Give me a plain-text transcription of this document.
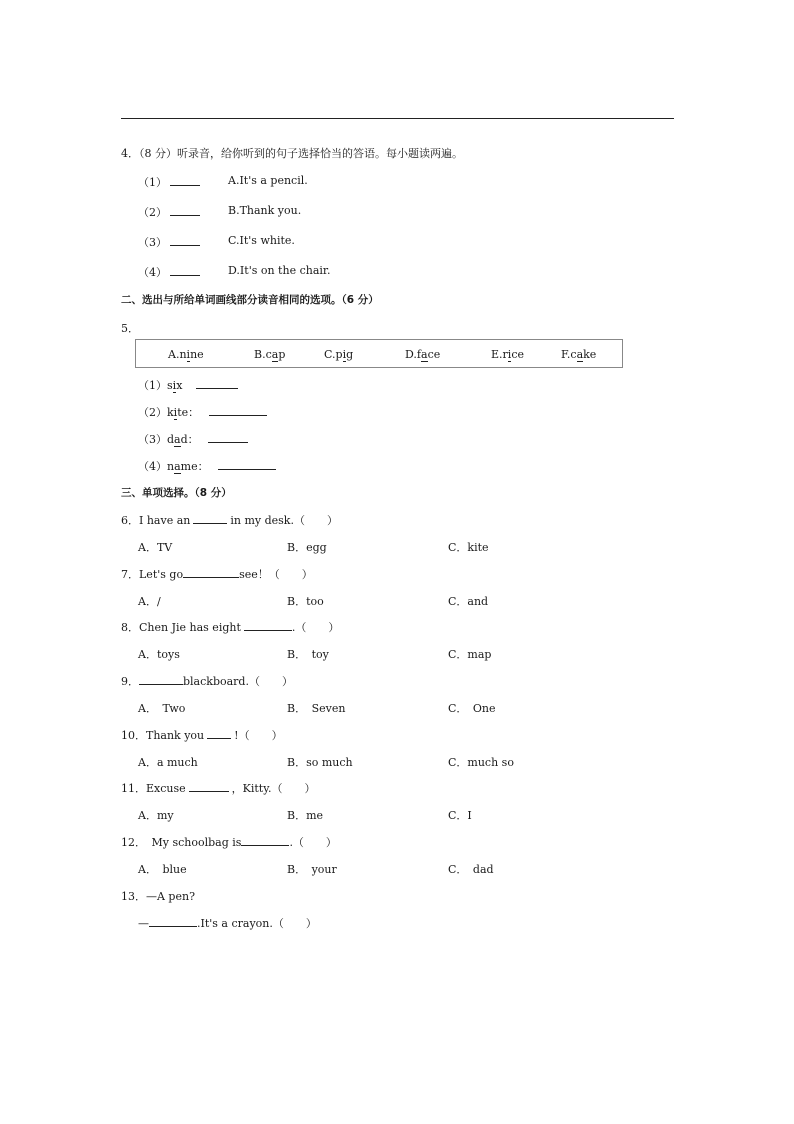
4．（8 分）听录音，给你听到的句子选择恰当的答语。每小题读两遍。
（1）	A.It's a pencil.
（2）	B.Thank you.
（3）	C.It's white.
（4）	D.It's on the chair.
二、选出与所给单词画线部分读音相同的选项。（6 分）
5．
A.nine	B.cap	C.pig	D.face	E.rice	F.cake
（1）six
（2）kite：
（3）dad：
（4）name：
三、单项选择。（8 分）
6．I have an	in my desk.（　　）
A．TV	B．egg	C．kite
7．Let's go	see！（　　）
A．/	B．too	C．and
8．Chen Jie has eight	.（　　）
A．toys	B．　toy	C．map
9．	blackboard.（　　）
A．　Two	B．　Seven	C．　One
10．Thank you	!（　　）
A．a much	B．so much	C．much so
11．Excuse	，Kitty.（　　）
A．my	B．me	C．I
12．　My schoolbag is	.（　　）
A．　blue	B．　your	C．　dad
13．—A pen?
—	.It's a crayon.（　　）
